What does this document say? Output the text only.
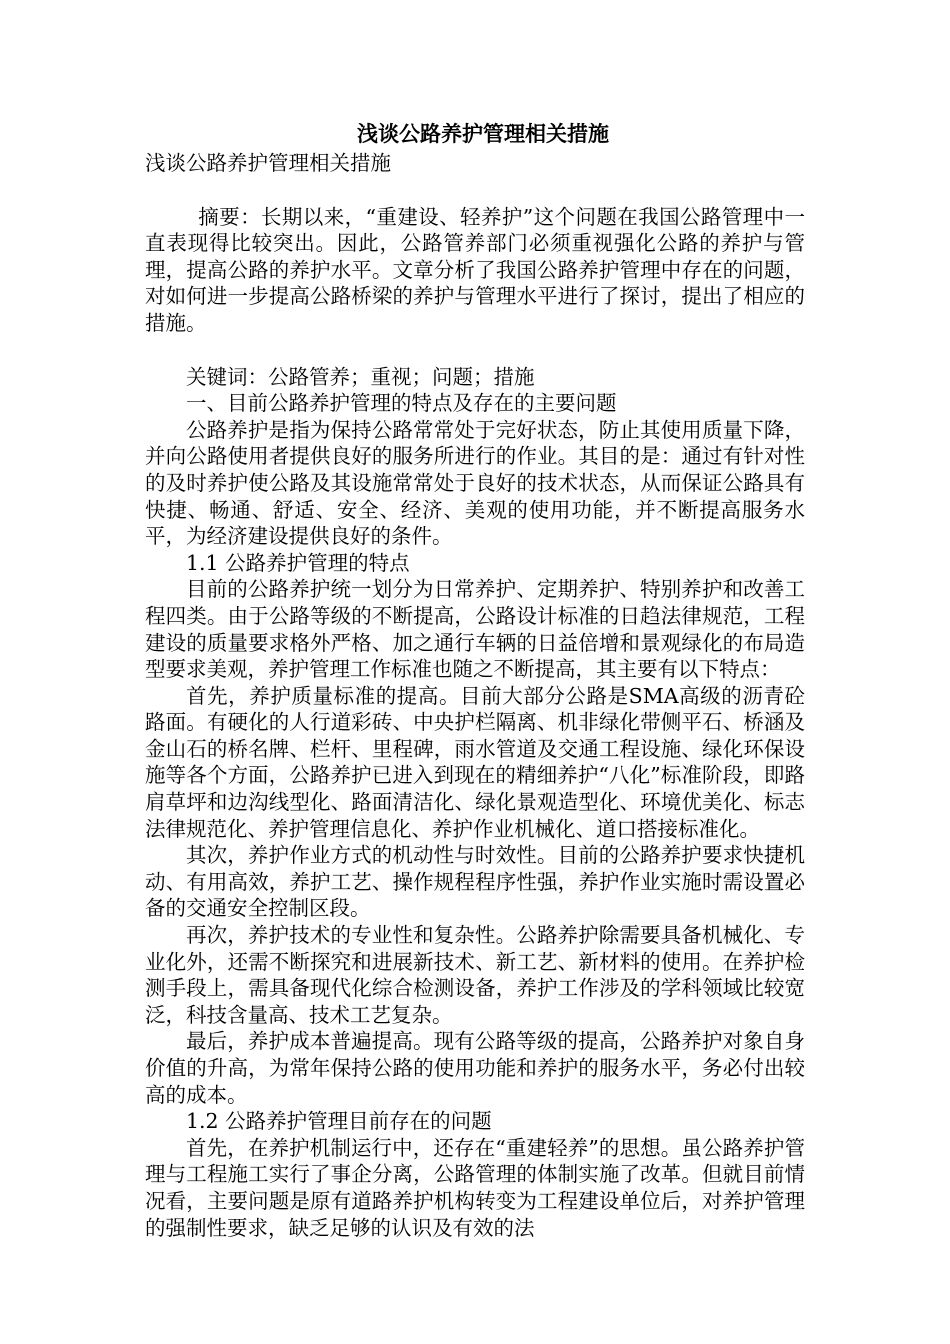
浅谈公路养护管理相关措施
浅谈公路养护管理相关措施
摘要：长期以来，“重建设、轻养护”这个问题在我国公路管理中一直表现得比较突出。因此，公路管养部门必须重视强化公路的养护与管理，提高公路的养护水平。文章分析了我国公路养护管理中存在的问题，对如何进一步提高公路桥梁的养护与管理水平进行了探讨，提出了相应的措施。
关键词：公路管养；重视；问题；措施
一、目前公路养护管理的特点及存在的主要问题
公路养护是指为保持公路常常处于完好状态，防止其使用质量下降，并向公路使用者提供良好的服务所进行的作业。其目的是：通过有针对性的及时养护使公路及其设施常常处于良好的技术状态，从而保证公路具有快捷、畅通、舒适、安全、经济、美观的使用功能，并不断提高服务水平，为经济建设提供良好的条件。
1.1 公路养护管理的特点
目前的公路养护统一划分为日常养护、定期养护、特别养护和改善工程四类。由于公路等级的不断提高，公路设计标准的日趋法律规范，工程建设的质量要求格外严格、加之通行车辆的日益倍增和景观绿化的布局造型要求美观，养护管理工作标准也随之不断提高，其主要有以下特点：
首先，养护质量标准的提高。目前大部分公路是SMA高级的沥青砼路面。有硬化的人行道彩砖、中央护栏隔离、机非绿化带侧平石、桥涵及金山石的桥名牌、栏杆、里程碑，雨水管道及交通工程设施、绿化环保设施等各个方面，公路养护已进入到现在的精细养护“八化”标准阶段，即路肩草坪和边沟线型化、路面清洁化、绿化景观造型化、环境优美化、标志法律规范化、养护管理信息化、养护作业机械化、道口搭接标准化。
其次，养护作业方式的机动性与时效性。目前的公路养护要求快捷机动、有用高效，养护工艺、操作规程程序性强，养护作业实施时需设置必备的交通安全控制区段。
再次，养护技术的专业性和复杂性。公路养护除需要具备机械化、专业化外，还需不断探究和进展新技术、新工艺、新材料的使用。在养护检测手段上，需具备现代化综合检测设备，养护工作涉及的学科领域比较宽泛，科技含量高、技术工艺复杂。
最后，养护成本普遍提高。现有公路等级的提高，公路养护对象自身价值的升高，为常年保持公路的使用功能和养护的服务水平，务必付出较高的成本。
1.2 公路养护管理目前存在的问题
首先，在养护机制运行中，还存在“重建轻养”的思想。虽公路养护管理与工程施工实行了事企分离，公路管理的体制实施了改革。但就目前情况看，主要问题是原有道路养护机构转变为工程建设单位后，对养护管理的强制性要求，缺乏足够的认识及有效的法
